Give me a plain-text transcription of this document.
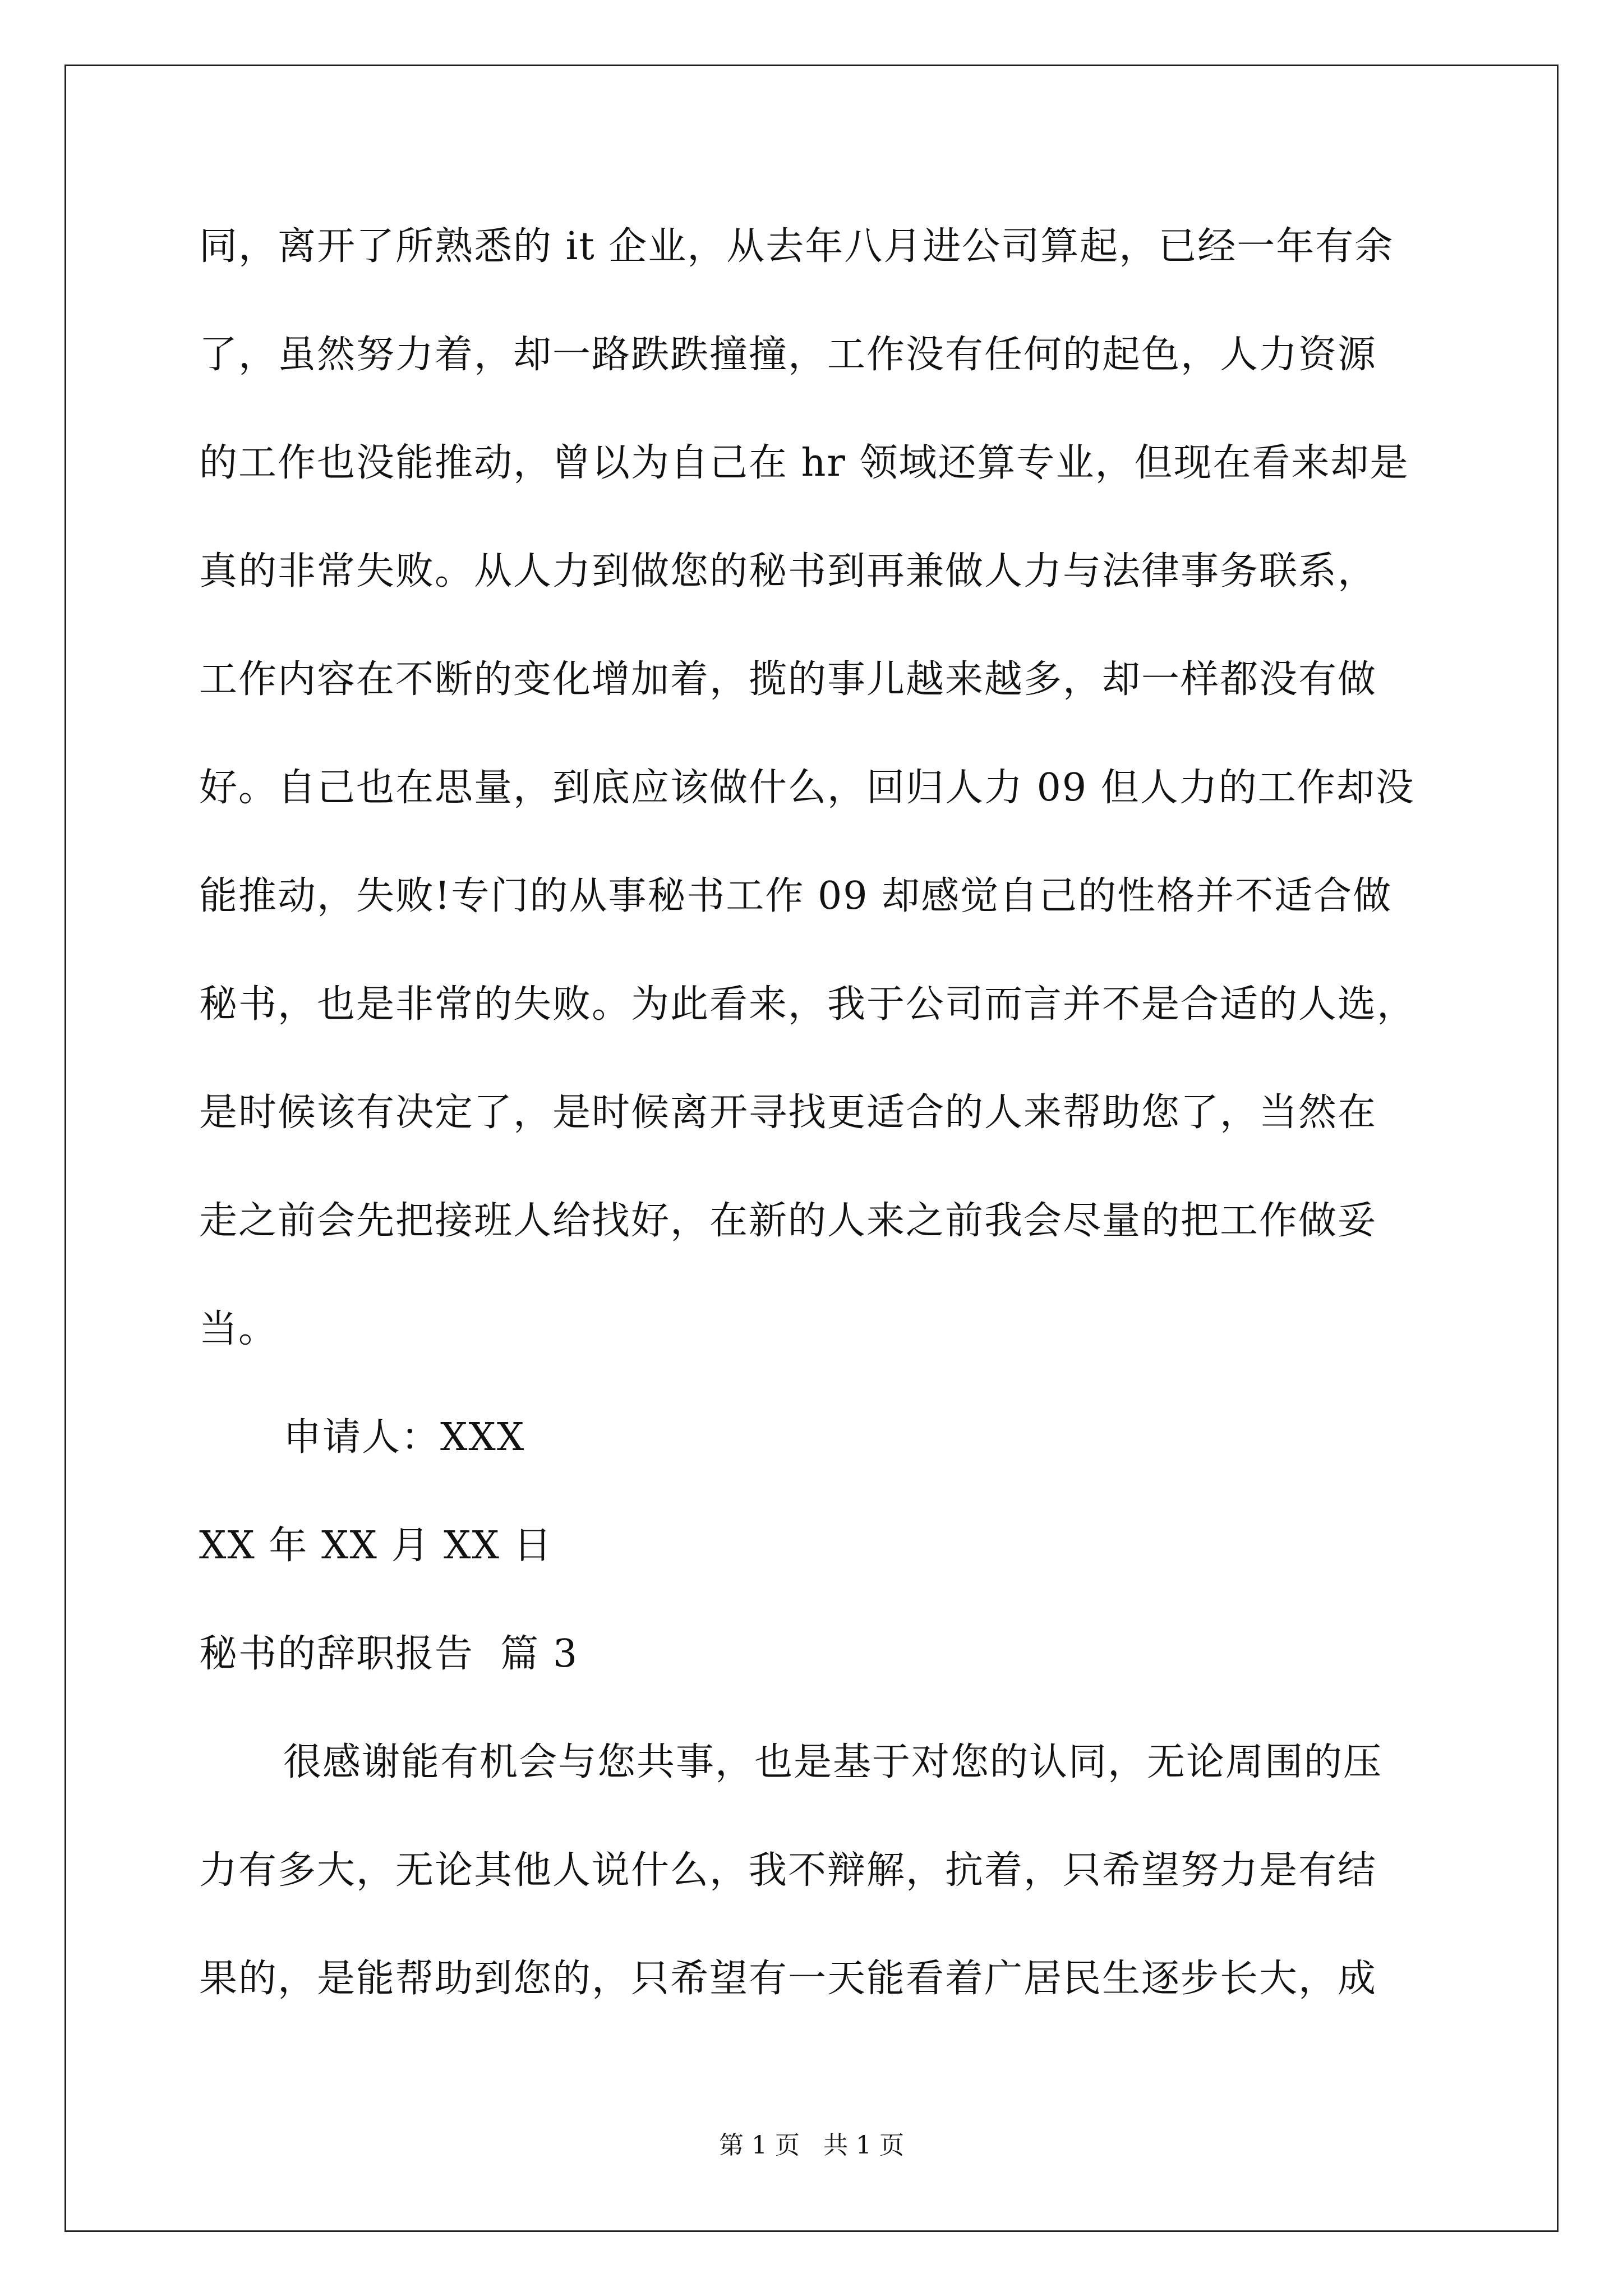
同，离开了所熟悉的 it 企业，从去年八月进公司算起，已经一年有余
了，虽然努力着，却一路跌跌撞撞，工作没有任何的起色，人力资源
的工作也没能推动，曾以为自己在 hr 领域还算专业，但现在看来却是
真的非常失败。从人力到做您的秘书到再兼做人力与法律事务联系，
工作内容在不断的变化增加着，揽的事儿越来越多，却一样都没有做
好。自己也在思量，到底应该做什么，回归人力 09 但人力的工作却没
能推动，失败!专门的从事秘书工作 09 却感觉自己的性格并不适合做
秘书，也是非常的失败。为此看来，我于公司而言并不是合适的人选，
是时候该有决定了，是时候离开寻找更适合的人来帮助您了，当然在
走之前会先把接班人给找好，在新的人来之前我会尽量的把工作做妥
当。
申请人：XXX
XX 年 XX 月 XX 日
秘书的辞职报告  篇 3
很感谢能有机会与您共事，也是基于对您的认同，无论周围的压
力有多大，无论其他人说什么，我不辩解，抗着，只希望努力是有结
果的，是能帮助到您的，只希望有一天能看着广居民生逐步长大，成
第 1 页   共 1 页
